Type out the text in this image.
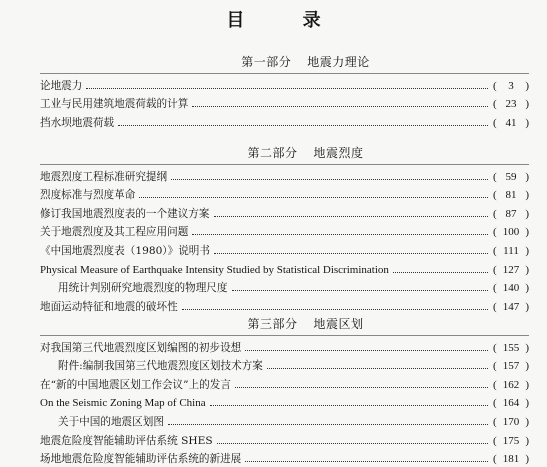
目 录
第一部分 地震力理论
论地震力	(	3	)
工业与民用建筑地震荷载的计算	( 23 )
挡水坝地震荷载	( 41 )
第二部分 地震烈度
地震烈度工程标准研究提纲	( 59 )
烈度标准与烈度革命	( 81 )
修订我国地震烈度表的一个建议方案	( 87 )
关于地震烈度及其工程应用问题	( 100 )
《中国地震烈度表（1980）》说明书	( 111 )
Physical Measure of Earthquake Intensity Studied by Statistical Discrimination	( 127 )
用统计判别研究地震烈度的物理尺度	( 140 )
地面运动特征和地震的破坏性	( 147 )
第三部分 地震区划
对我国第三代地震烈度区划编图的初步设想	( 155 )
附件:编制我国第三代地震烈度区划技术方案	( 157 )
在“新的中国地震区划工作会议”上的发言	( 162 )
On the Seismic Zoning Map of China	( 164 )
关于中国的地震区划图	( 170 )
地震危险度智能辅助评估系统 SHES	( 175 )
场地地震危险度智能辅助评估系统的新进展	( 181 )
